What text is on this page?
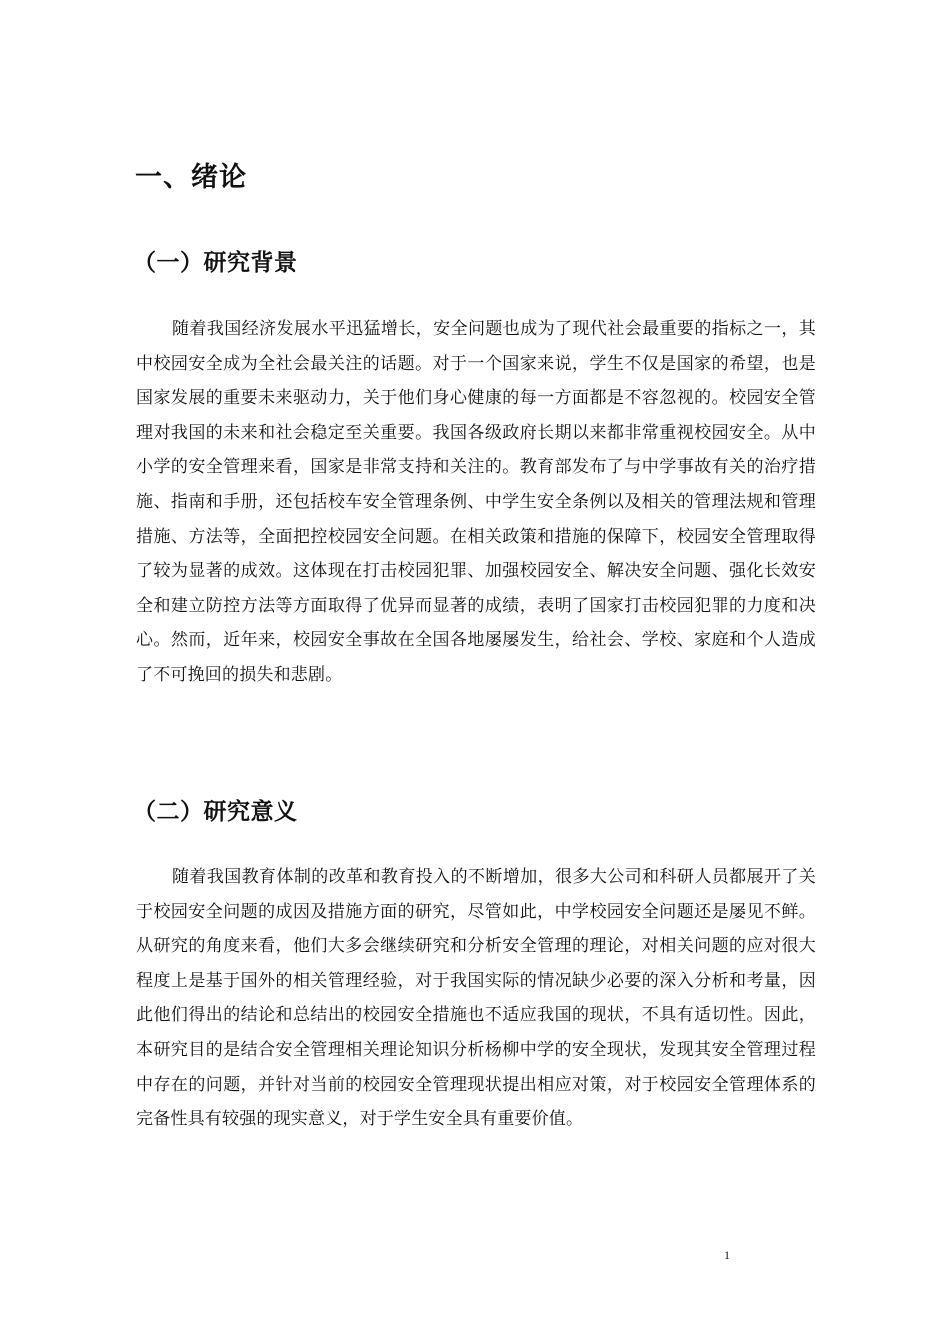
一、绪论
（一）研究背景

随着我国经济发展水平迅猛增长，安全问题也成为了现代社会最重要的指标之一，其中校园安全成为全社会最关注的话题。对于一个国家来说，学生不仅是国家的希望，也是国家发展的重要未来驱动力，关于他们身心健康的每一方面都是不容忽视的。校园安全管理对我国的未来和社会稳定至关重要。我国各级政府长期以来都非常重视校园安全。从中小学的安全管理来看，国家是非常支持和关注的。教育部发布了与中学事故有关的治疗措施、指南和手册，还包括校车安全管理条例、中学生安全条例以及相关的管理法规和管理措施、方法等，全面把控校园安全问题。在相关政策和措施的保障下，校园安全管理取得了较为显著的成效。这体现在打击校园犯罪、加强校园安全、解决安全问题、强化长效安全和建立防控方法等方面取得了优异而显著的成绩，表明了国家打击校园犯罪的力度和决心。然而，近年来，校园安全事故在全国各地屡屡发生，给社会、学校、家庭和个人造成了不可挽回的损失和悲剧。

（二）研究意义

随着我国教育体制的改革和教育投入的不断增加，很多大公司和科研人员都展开了关于校园安全问题的成因及措施方面的研究，尽管如此，中学校园安全问题还是屡见不鲜。从研究的角度来看，他们大多会继续研究和分析安全管理的理论，对相关问题的应对很大程度上是基于国外的相关管理经验，对于我国实际的情况缺少必要的深入分析和考量，因此他们得出的结论和总结出的校园安全措施也不适应我国的现状，不具有适切性。因此，本研究目的是结合安全管理相关理论知识分析杨柳中学的安全现状，发现其安全管理过程中存在的问题，并针对当前的校园安全管理现状提出相应对策，对于校园安全管理体系的完备性具有较强的现实意义，对于学生安全具有重要价值。

1
